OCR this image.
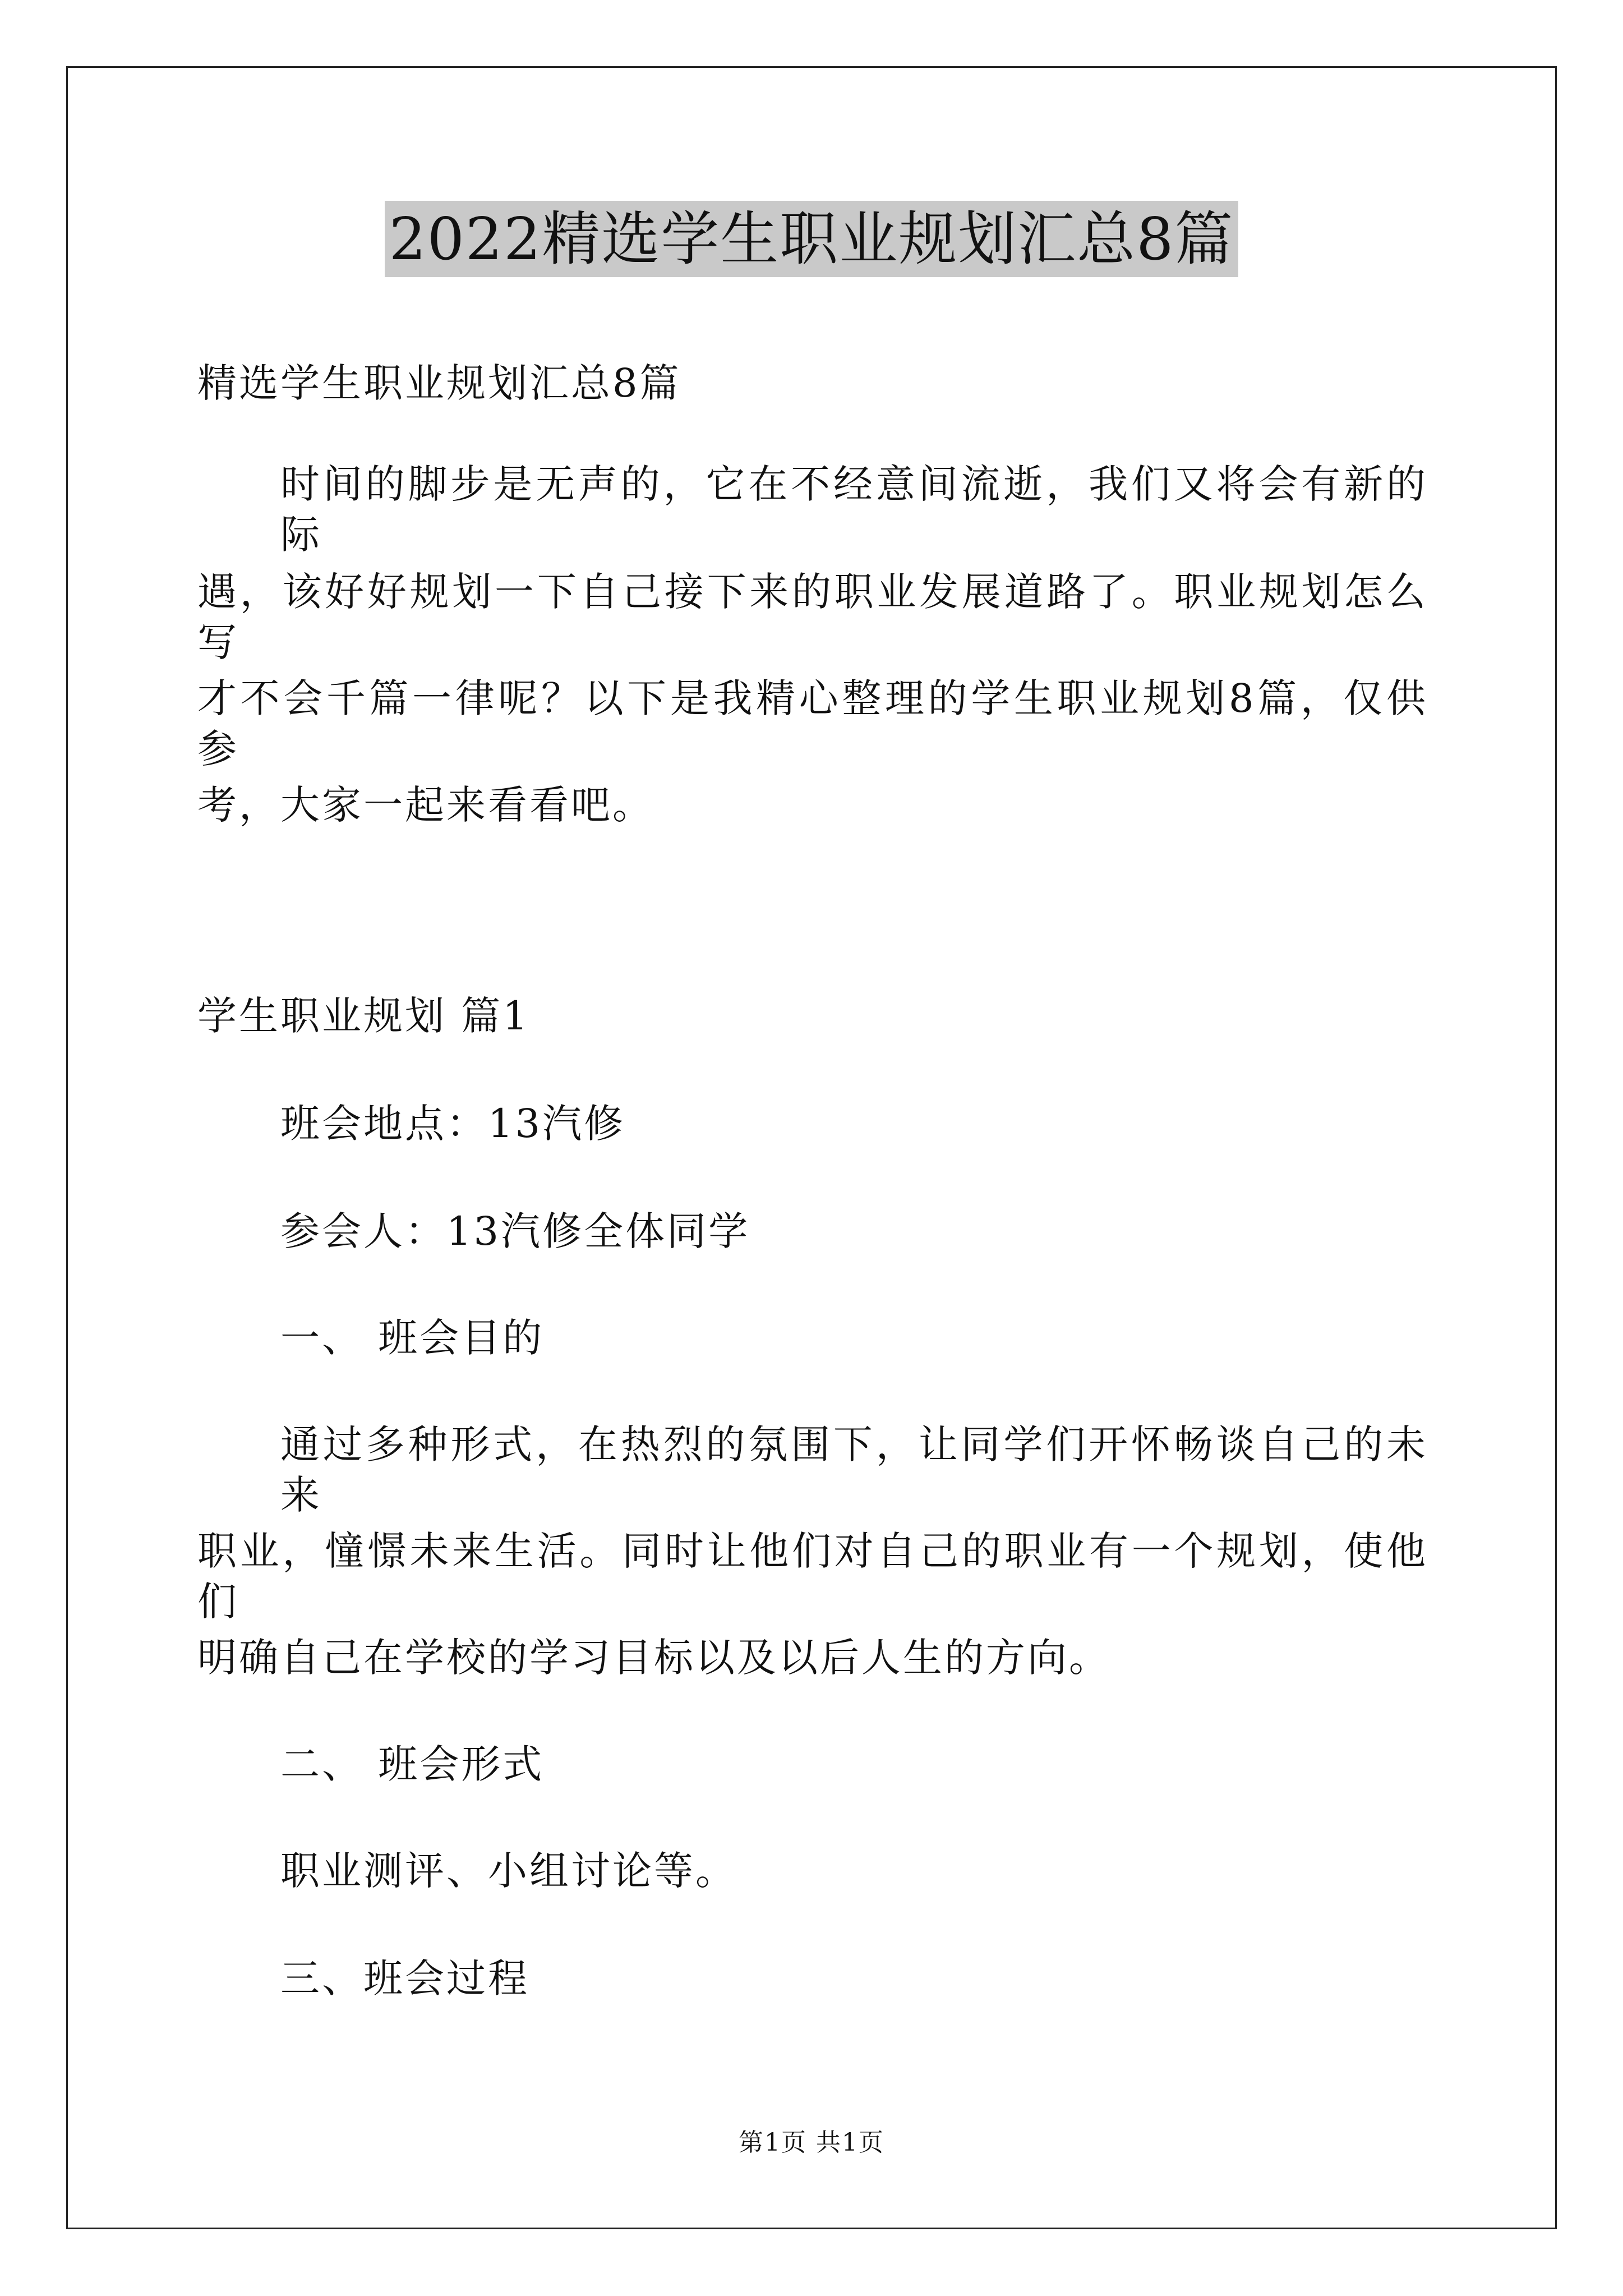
2022精选学生职业规划汇总8篇
精选学生职业规划汇总8篇
时间的脚步是无声的，它在不经意间流逝，我们又将会有新的际
遇，该好好规划一下自己接下来的职业发展道路了。职业规划怎么写
才不会千篇一律呢？以下是我精心整理的学生职业规划8篇，仅供参
考，大家一起来看看吧。
学生职业规划 篇1
班会地点：13汽修
参会人：13汽修全体同学
一、 班会目的
通过多种形式，在热烈的氛围下，让同学们开怀畅谈自己的未来
职业，憧憬未来生活。同时让他们对自己的职业有一个规划，使他们
明确自己在学校的学习目标以及以后人生的方向。
二、 班会形式
职业测评、小组讨论等。
三、班会过程
第1页 共1页
